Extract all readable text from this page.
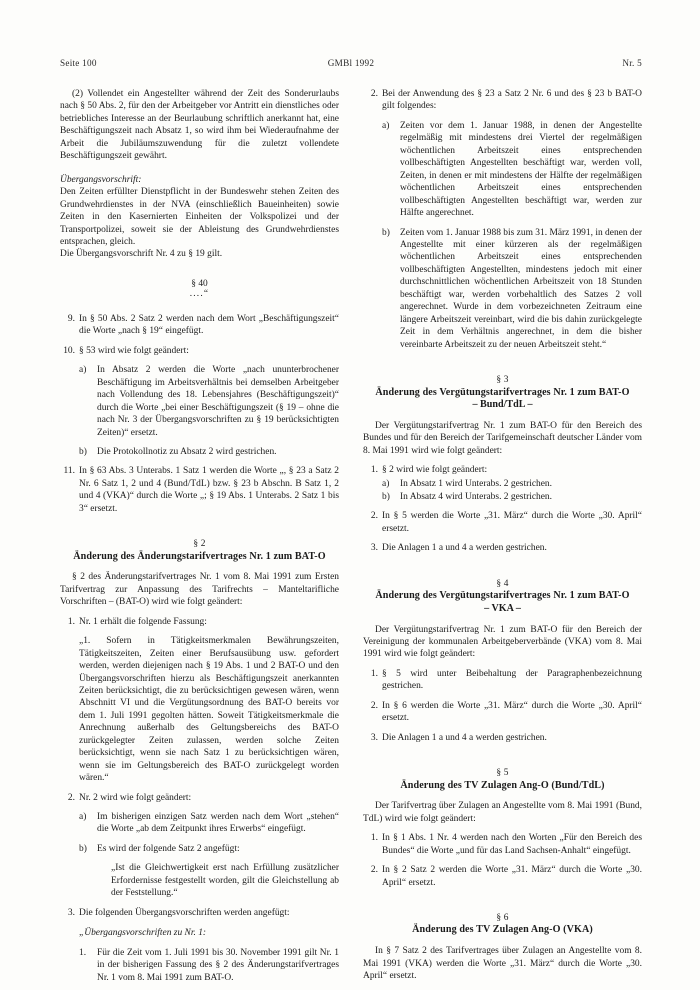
Seite 100	GMBl 1992	Nr. 5

(2) Vollendet ein Angestellter während der Zeit des Sonderurlaubs nach § 50 Abs. 2, für den der Arbeitgeber vor Antritt ein dienstliches oder betriebliches Interesse an der Beurlaubung schriftlich anerkannt hat, eine Beschäftigungszeit nach Absatz 1, so wird ihm bei Wiederaufnahme der Arbeit die Jubiläumszuwendung für die zuletzt vollendete Beschäftigungszeit gewährt.

Übergangsvorschrift:

Den Zeiten erfüllter Dienstpflicht in der Bundeswehr stehen Zeiten des Grundwehrdienstes in der NVA (einschließlich Baueinheiten) sowie Zeiten in den Kasernierten Einheiten der Volkspolizei und der Transportpolizei, soweit sie der Ableistung des Grundwehrdienstes entsprachen, gleich.

Die Übergangsvorschrift Nr. 4 zu § 19 gilt.

§ 40
....“
9. In § 50 Abs. 2 Satz 2 werden nach dem Wort „Beschäftigungszeit“ die Worte „nach § 19“ eingefügt.
10. § 53 wird wie folgt geändert:
a)	In Absatz 2 werden die Worte „nach ununterbrochener Beschäftigung im Arbeitsverhältnis bei demselben Arbeitgeber nach Vollendung des 18. Lebensjahres (Beschäftigungszeit)“ durch die Worte „bei einer Beschäftigungszeit (§ 19 – ohne die nach Nr. 3 der Übergangsvorschriften zu § 19 berücksichtigten Zeiten)“ ersetzt.
b)	Die Protokollnotiz zu Absatz 2 wird gestrichen.
11. In § 63 Abs. 3 Unterabs. 1 Satz 1 werden die Worte „, § 23 a Satz 2 Nr. 6 Satz 1, 2 und 4 (Bund/TdL) bzw. § 23 b Abschn. B Satz 1, 2 und 4 (VKA)“ durch die Worte „; § 19 Abs. 1 Unterabs. 2 Satz 1 bis 3“ ersetzt.
§ 2
Änderung des Änderungstarifvertrages Nr. 1 zum BAT-O

§ 2 des Änderungstarifvertrages Nr. 1 vom 8. Mai 1991 zum Ersten Tarifvertrag zur Anpassung des Tarifrechts – Manteltarifliche Vorschriften – (BAT-O) wird wie folgt geändert:

1. Nr. 1 erhält die folgende Fassung:

„1. Sofern in Tätigkeitsmerkmalen Bewährungszeiten, Tätigkeitszeiten, Zeiten einer Berufsausübung usw. gefordert werden, werden diejenigen nach § 19 Abs. 1 und 2 BAT-O und den Übergangsvorschriften hierzu als Beschäftigungszeit anerkannten Zeiten berücksichtigt, die zu berücksichtigen gewesen wären, wenn Abschnitt VI und die Vergütungsordnung des BAT-O bereits vor dem 1. Juli 1991 gegolten hätten. Soweit Tätigkeitsmerkmale die Anrechnung außerhalb des Geltungsbereichs des BAT-O zurückgelegter Zeiten zulassen, werden solche Zeiten berücksichtigt, wenn sie nach Satz 1 zu berücksichtigen wären, wenn sie im Geltungsbereich des BAT-O zurückgelegt worden wären.“

2. Nr. 2 wird wie folgt geändert:
a)	Im bisherigen einzigen Satz werden nach dem Wort „stehen“ die Worte „ab dem Zeitpunkt ihres Erwerbs“ eingefügt.
b)	Es wird der folgende Satz 2 angefügt:

„Ist die Gleichwertigkeit erst nach Erfüllung zusätzlicher Erfordernisse festgestellt worden, gilt die Gleichstellung ab der Feststellung.“

3. Die folgenden Übergangsvorschriften werden angefügt:

„Übergangsvorschriften zu Nr. 1:

1.	Für die Zeit vom 1. Juli 1991 bis 30. November 1991 gilt Nr. 1 in der bisherigen Fassung des § 2 des Änderungstarifvertrages Nr. 1 vom 8. Mai 1991 zum BAT-O.
2. Bei der Anwendung des § 23 a Satz 2 Nr. 6 und des § 23 b BAT-O gilt folgendes:
a)	Zeiten vor dem 1. Januar 1988, in denen der Angestellte regelmäßig mit mindestens drei Viertel der regelmäßigen wöchentlichen Arbeitszeit eines entsprechenden vollbeschäftigten Angestellten beschäftigt war, werden voll, Zeiten, in denen er mit mindestens der Hälfte der regelmäßigen wöchentlichen Arbeitszeit eines entsprechenden vollbeschäftigten Angestellten beschäftigt war, werden zur Hälfte angerechnet.
b)	Zeiten vom 1. Januar 1988 bis zum 31. März 1991, in denen der Angestellte mit einer kürzeren als der regelmäßigen wöchentlichen Arbeitszeit eines entsprechenden vollbeschäftigten Angestellten, mindestens jedoch mit einer durchschnittlichen wöchentlichen Arbeitszeit von 18 Stunden beschäftigt war, werden vorbehaltlich des Satzes 2 voll angerechnet. Wurde in dem vorbezeichneten Zeitraum eine längere Arbeitszeit vereinbart, wird die bis dahin zurückgelegte Zeit in dem Verhältnis angerechnet, in dem die bisher vereinbarte Arbeitszeit zu der neuen Arbeitszeit steht.“
§ 3
Änderung des Vergütungstarifvertrages Nr. 1 zum BAT-O
– Bund/TdL –

Der Vergütungstarifvertrag Nr. 1 zum BAT-O für den Bereich des Bundes und für den Bereich der Tarifgemeinschaft deutscher Länder vom 8. Mai 1991 wird wie folgt geändert:

1. § 2 wird wie folgt geändert:
a)	In Absatz 1 wird Unterabs. 2 gestrichen.
b)	In Absatz 4 wird Unterabs. 2 gestrichen.
2. In § 5 werden die Worte „31. März“ durch die Worte „30. April“ ersetzt.
3. Die Anlagen 1 a und 4 a werden gestrichen.
§ 4
Änderung des Vergütungstarifvertrages Nr. 1 zum BAT-O
– VKA –

Der Vergütungstarifvertrag Nr. 1 zum BAT-O für den Bereich der Vereinigung der kommunalen Arbeitgeberverbände (VKA) vom 8. Mai 1991 wird wie folgt geändert:

1. § 5 wird unter Beibehaltung der Paragraphenbezeichnung gestrichen.
2. In § 6 werden die Worte „31. März“ durch die Worte „30. April“ ersetzt.
3. Die Anlagen 1 a und 4 a werden gestrichen.
§ 5
Änderung des TV Zulagen Ang-O (Bund/TdL)

Der Tarifvertrag über Zulagen an Angestellte vom 8. Mai 1991 (Bund, TdL) wird wie folgt geändert:

1. In § 1 Abs. 1 Nr. 4 werden nach den Worten „Für den Bereich des Bundes“ die Worte „und für das Land Sachsen-Anhalt“ eingefügt.
2. In § 2 Satz 2 werden die Worte „31. März“ durch die Worte „30. April“ ersetzt.
§ 6
Änderung des TV Zulagen Ang-O (VKA)

In § 7 Satz 2 des Tarifvertrages über Zulagen an Angestellte vom 8. Mai 1991 (VKA) werden die Worte „31. März“ durch die Worte „30. April“ ersetzt.
